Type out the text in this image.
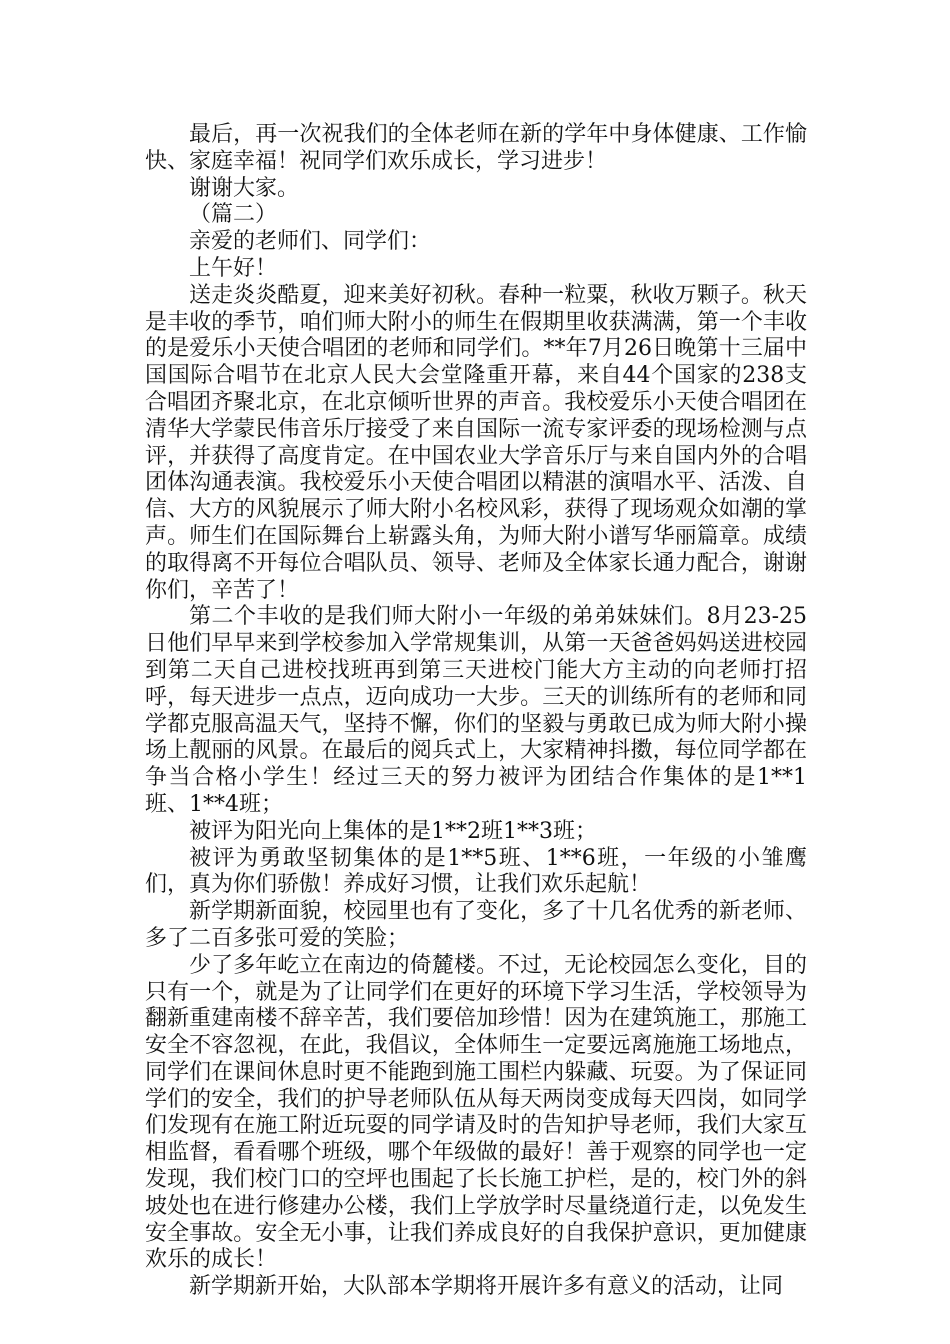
最后，再一次祝我们的全体老师在新的学年中身体健康、工作愉快、家庭幸福！祝同学们欢乐成长，学习进步！

谢谢大家。

（篇二）

亲爱的老师们、同学们：

上午好！

送走炎炎酷夏，迎来美好初秋。春种一粒粟，秋收万颗子。秋天是丰收的季节，咱们师大附小的师生在假期里收获满满，第一个丰收的是爱乐小天使合唱团的老师和同学们。**年7月26日晚第十三届中国国际合唱节在北京人民大会堂隆重开幕，来自44个国家的238支合唱团齐聚北京，在北京倾听世界的声音。我校爱乐小天使合唱团在清华大学蒙民伟音乐厅接受了来自国际一流专家评委的现场检测与点评，并获得了高度肯定。在中国农业大学音乐厅与来自国内外的合唱团体沟通表演。我校爱乐小天使合唱团以精湛的演唱水平、活泼、自信、大方的风貌展示了师大附小名校风彩，获得了现场观众如潮的掌声。师生们在国际舞台上崭露头角，为师大附小谱写华丽篇章。成绩的取得离不开每位合唱队员、领导、老师及全体家长通力配合，谢谢你们，辛苦了！

第二个丰收的是我们师大附小一年级的弟弟妹妹们。8月23-25日他们早早来到学校参加入学常规集训，从第一天爸爸妈妈送进校园到第二天自己进校找班再到第三天进校门能大方主动的向老师打招呼，每天进步一点点，迈向成功一大步。三天的训练所有的老师和同学都克服高温天气，坚持不懈，你们的坚毅与勇敢已成为师大附小操场上靓丽的风景。在最后的阅兵式上，大家精神抖擞，每位同学都在争当合格小学生！经过三天的努力被评为团结合作集体的是1**1班、1**4班；

被评为阳光向上集体的是1**2班1**3班；

被评为勇敢坚韧集体的是1**5班、1**6班，一年级的小雏鹰们，真为你们骄傲！养成好习惯，让我们欢乐起航！

新学期新面貌，校园里也有了变化，多了十几名优秀的新老师、多了二百多张可爱的笑脸；

少了多年屹立在南边的倚麓楼。不过，无论校园怎么变化，目的只有一个，就是为了让同学们在更好的环境下学习生活，学校领导为翻新重建南楼不辞辛苦，我们要倍加珍惜！因为在建筑施工，那施工安全不容忽视，在此，我倡议，全体师生一定要远离施施工场地点，同学们在课间休息时更不能跑到施工围栏内躲藏、玩耍。为了保证同学们的安全，我们的护导老师队伍从每天两岗变成每天四岗，如同学们发现有在施工附近玩耍的同学请及时的告知护导老师，我们大家互相监督，看看哪个班级，哪个年级做的最好！善于观察的同学也一定发现，我们校门口的空坪也围起了长长施工护栏，是的，校门外的斜坡处也在进行修建办公楼，我们上学放学时尽量绕道行走，以免发生安全事故。安全无小事，让我们养成良好的自我保护意识，更加健康欢乐的成长！

新学期新开始，大队部本学期将开展许多有意义的活动，让同
